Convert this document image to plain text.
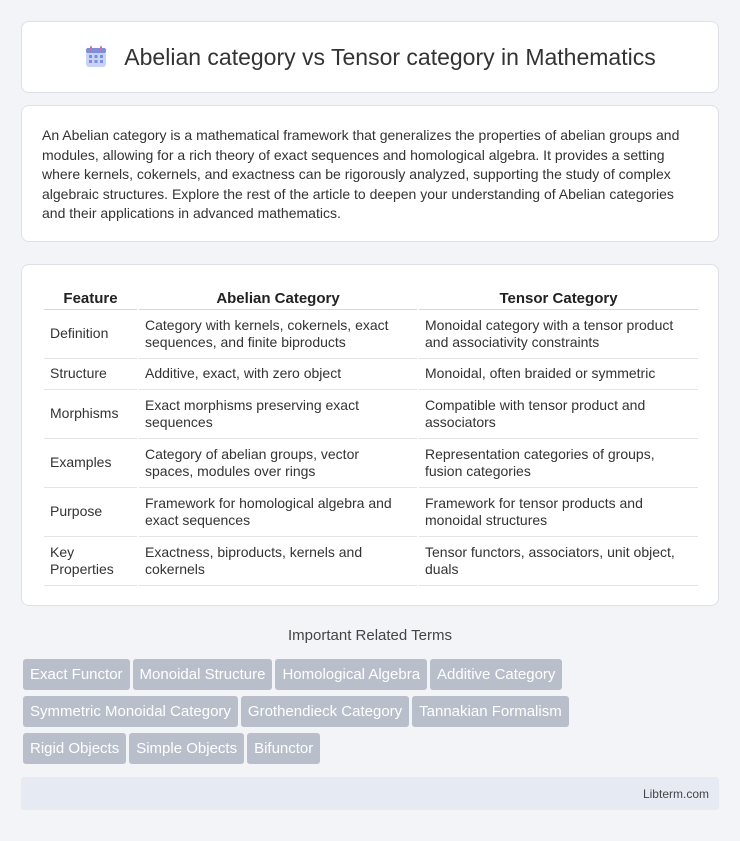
Abelian category vs Tensor category in Mathematics

An Abelian category is a mathematical framework that generalizes the properties of abelian groups and modules, allowing for a rich theory of exact sequences and homological algebra. It provides a setting where kernels, cokernels, and exactness can be rigorously analyzed, supporting the study of complex algebraic structures. Explore the rest of the article to deepen your understanding of Abelian categories and their applications in advanced mathematics.

Feature	Abelian Category	Tensor Category
Definition	Category with kernels, cokernels, exact sequences, and finite biproducts	Monoidal category with a tensor product and associativity constraints
Structure	Additive, exact, with zero object	Monoidal, often braided or symmetric
Morphisms	Exact morphisms preserving exact sequences	Compatible with tensor product and associators
Examples	Category of abelian groups, vector spaces, modules over rings	Representation categories of groups, fusion categories
Purpose	Framework for homological algebra and exact sequences	Framework for tensor products and monoidal structures
Key Properties	Exactness, biproducts, kernels and cokernels	Tensor functors, associators, unit object, duals
Important Related Terms
Exact Functor Monoidal Structure Homological Algebra Additive Category
Symmetric Monoidal Category Grothendieck Category Tannakian Formalism
Rigid Objects Simple Objects Bifunctor
Libterm.com
